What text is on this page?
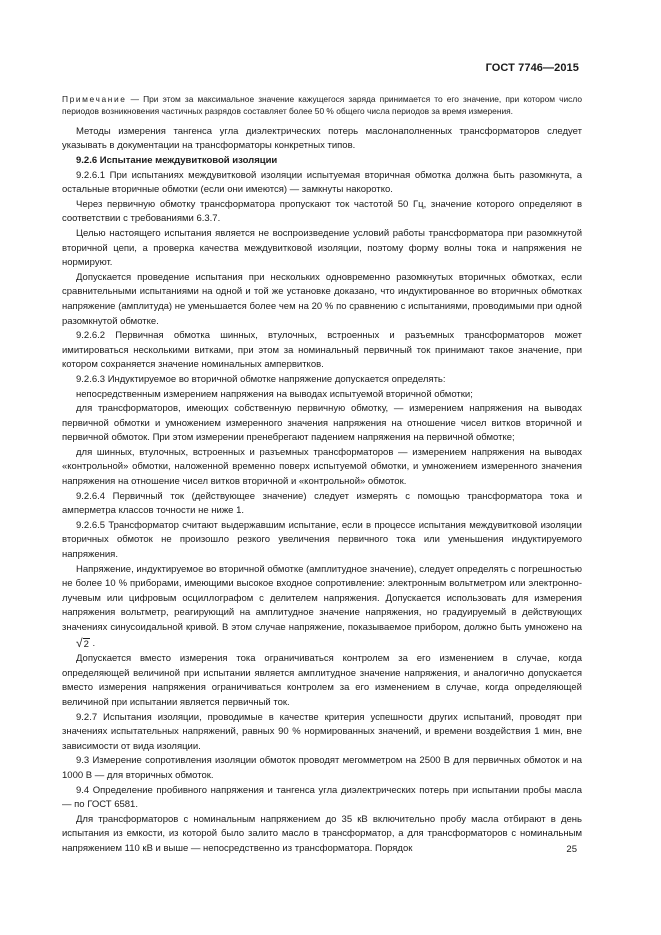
ГОСТ 7746—2015
Примечание — При этом за максимальное значение кажущегося заряда принимается то его значение, при котором число периодов возникновения частичных разрядов составляет более 50 % общего числа периодов за время измерения.

Методы измерения тангенса угла диэлектрических потерь маслонаполненных трансформаторов следует указывать в документации на трансформаторы конкретных типов.

9.2.6 Испытание междувитковой изоляции

9.2.6.1 При испытаниях междувитковой изоляции испытуемая вторичная обмотка должна быть разомкнута, а остальные вторичные обмотки (если они имеются) — замкнуты накоротко.

Через первичную обмотку трансформатора пропускают ток частотой 50 Гц, значение которого определяют в соответствии с требованиями 6.3.7.

Целью настоящего испытания является не воспроизведение условий работы трансформатора при разомкнутой вторичной цепи, а проверка качества междувитковой изоляции, поэтому форму волны тока и напряжения не нормируют.

Допускается проведение испытания при нескольких одновременно разомкнутых вторичных обмотках, если сравнительными испытаниями на одной и той же установке доказано, что индуктированное во вторичных обмотках напряжение (амплитуда) не уменьшается более чем на 20 % по сравнению с испытаниями, проводимыми при одной разомкнутой обмотке.

9.2.6.2 Первичная обмотка шинных, втулочных, встроенных и разъемных трансформаторов может имитироваться несколькими витками, при этом за номинальный первичный ток принимают такое значение, при котором сохраняется значение номинальных ампервитков.

9.2.6.3 Индуктируемое во вторичной обмотке напряжение допускается определять:

непосредственным измерением напряжения на выводах испытуемой вторичной обмотки;

для трансформаторов, имеющих собственную первичную обмотку, — измерением напряжения на выводах первичной обмотки и умножением измеренного значения напряжения на отношение чисел витков вторичной и первичной обмоток. При этом измерении пренебрегают падением напряжения на первичной обмотке;

для шинных, втулочных, встроенных и разъемных трансформаторов — измерением напряжения на выводах «контрольной» обмотки, наложенной временно поверх испытуемой обмотки, и умножением измеренного значения напряжения на отношение чисел витков вторичной и «контрольной» обмоток.

9.2.6.4 Первичный ток (действующее значение) следует измерять с помощью трансформатора тока и амперметра классов точности не ниже 1.

9.2.6.5 Трансформатор считают выдержавшим испытание, если в процессе испытания междувитковой изоляции вторичных обмоток не произошло резкого увеличения первичного тока или уменьшения индуктируемого напряжения.

Напряжение, индуктируемое во вторичной обмотке (амплитудное значение), следует определять с погрешностью не более 10 % приборами, имеющими высокое входное сопротивление: электронным вольтметром или электронно-лучевым или цифровым осциллографом с делителем напряжения. Допускается использовать для измерения напряжения вольтметр, реагирующий на амплитудное значение напряжения, но градуируемый в действующих значениях синусоидальной кривой. В этом случае напряжение, показываемое прибором, должно быть умножено на √2 .

Допускается вместо измерения тока ограничиваться контролем за его изменением в случае, когда определяющей величиной при испытании является амплитудное значение напряжения, и аналогично допускается вместо измерения напряжения ограничиваться контролем за его изменением в случае, когда определяющей величиной при испытании является первичный ток.

9.2.7 Испытания изоляции, проводимые в качестве критерия успешности других испытаний, проводят при значениях испытательных напряжений, равных 90 % нормированных значений, и времени воздействия 1 мин, вне зависимости от вида изоляции.

9.3 Измерение сопротивления изоляции обмоток проводят мегомметром на 2500 В для первичных обмоток и на 1000 В — для вторичных обмоток.

9.4 Определение пробивного напряжения и тангенса угла диэлектрических потерь при испытании пробы масла — по ГОСТ 6581.

Для трансформаторов с номинальным напряжением до 35 кВ включительно пробу масла отбирают в день испытания из емкости, из которой было залито масло в трансформатор, а для трансформаторов с номинальным напряжением 110 кВ и выше — непосредственно из трансформатора. Порядок	25
